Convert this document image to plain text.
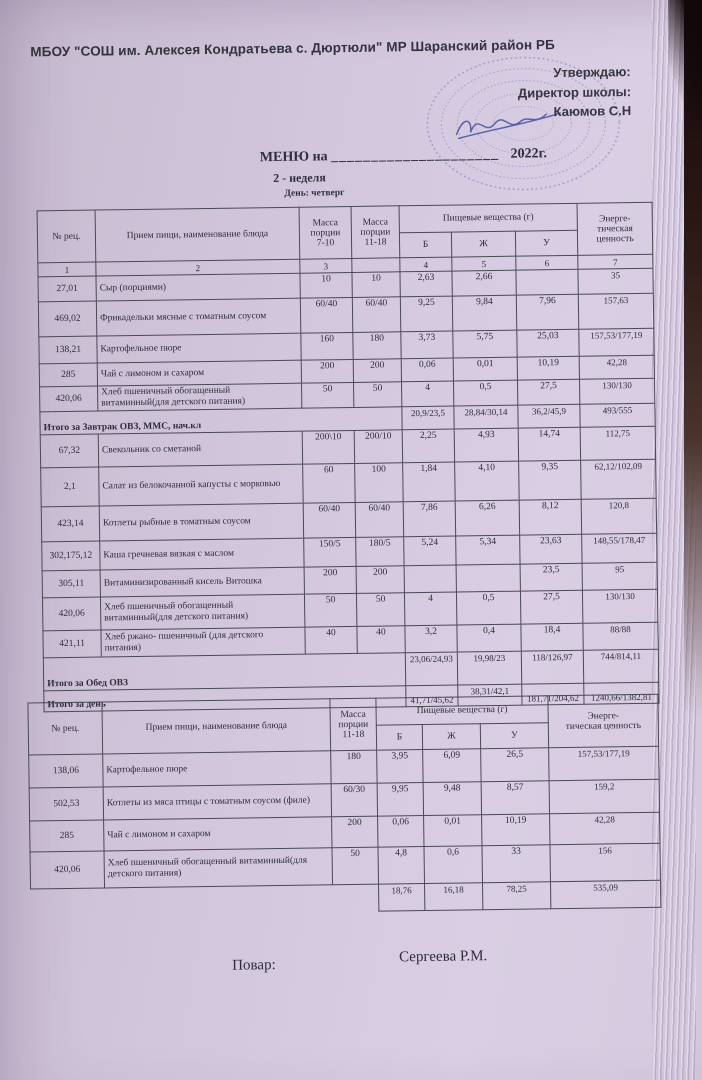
МБОУ "СОШ им. Алексея Кондратьева с. Дюртюли" МР Шаранский район РБ
Утверждаю:
Директор школы:
Каюмов С.Н
МЕНЮ на _____________________ 2022г.
2 - неделя
День: четверг
№ рец.	Прием пищи, наименование блюда	Масса
порции
7-10	Масса
порции
11-18	Пищевые вещества (г)			Энерге-
тическая ценность
				Б	Ж	У	
1	2	3		4	5	6	7
27,01	Сыр (порциями)	10	10	2,63	2,66		35
469,02	Фрикадельки мясные с томатным соусом	60/40	60/40	9,25	9,84	7,96	157,63
138,21	Картофельное пюре	160	180	3,73	5,75	25,03	157,53/177,19
285	Чай с лимоном и сахаром	200	200	0,06	0,01	10,19	42,28
420,06	Хлеб пшеничный обогащенный витаминный(для детского питания)	50	50	4	0,5	27,5	130/130
Итого за Завтрак ОВЗ, ММС, нач.кл				20,9/23,5	28,84/30,14	36,2/45,9	493/555
67,32	Свекольник со сметаной	200\10	200/10	2,25	4,93	14,74	112,75
2,1	Салат из белокочанной капусты с морковью	60	100	1,84	4,10	9,35	62,12/102,09
423,14	Котлеты рыбные в томатным соусом	60/40	60/40	7,86	6,26	8,12	120,8
302,175,12	Каша гречневая вязкая с маслом	150/5	180/5	5,24	5,34	23,63	148,55/178,47
305,11	Витаминизированный кисель Витошка	200	200			23,5	95
420,06	Хлеб пшеничный обогащенный витаминный(для детского питания)	50	50	4	0,5	27,5	130/130
421,11	Хлеб ржано- пшеничный (для детского питания)	40	40	3,2	0,4	18,4	88/88
Итого за Обед ОВЗ				23,06/24,93	19,98/23	118/126,97	744/814,11
Итого за день				41,71/45,62	38,31/42,1	181,71/204,62	1240,66/1382,81
№ рец.	Прием пищи, наименование блюда	Масса
порции
11-18	Пищевые вещества (г)			Энерге-
тическая ценность
			Б	Ж	У	
138,06	Картофельное пюре	180	3,95	6,09	26,5	157,53/177,19
502,53	Котлеты из мяса птицы с томатным соусом (филе)	60/30	9,95	9,48	8,57	159,2
285	Чай с лимоном и сахаром	200	0,06	0,01	10,19	42,28
420,06	Хлеб пшеничный обогащенный витаминный(для детского питания)	50	4,8	0,6	33	156
			18,76	16,18	78,25	535,09
Повар:
Сергеева Р.М.
